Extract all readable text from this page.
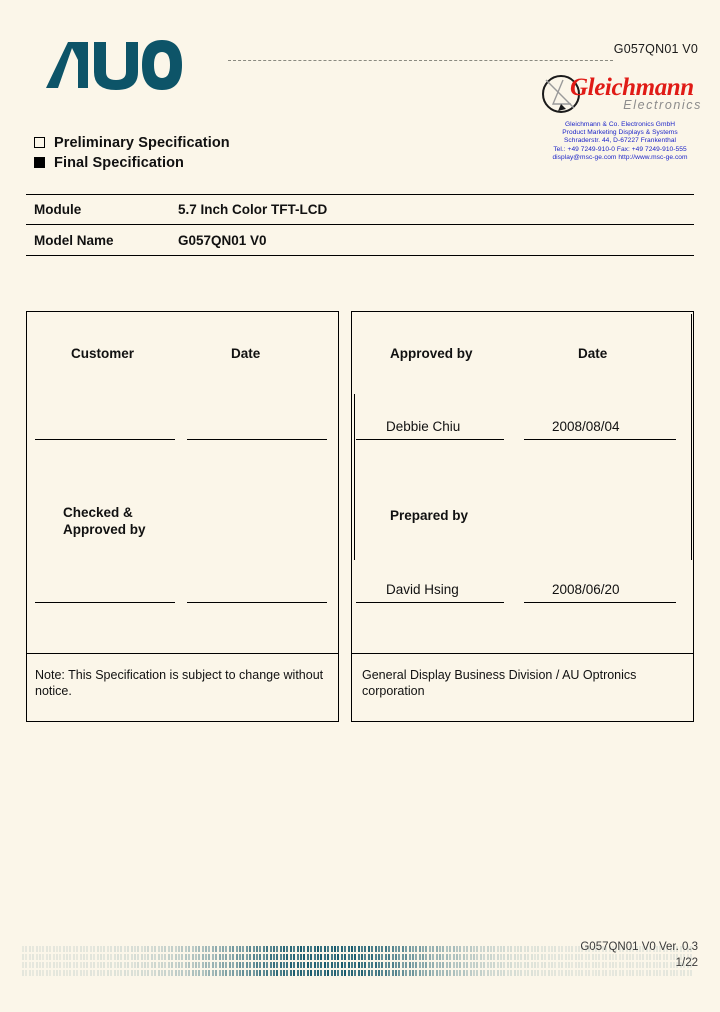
G057QN01 V0
Gleichmann
Electronics
Gleichmann & Co. Electronics GmbH
Product Marketing Displays & Systems
Schraderstr. 44, D-67227 Frankenthal
Tel.: +49 7249-910-0 Fax: +49 7249-910-555
display@msc-ge.com http://www.msc-ge.com
Preliminary Specification
Final Specification
Module	5.7 Inch Color TFT-LCD
Model Name	G057QN01 V0
Customer	Date
Checked &
Approved by
Note: This Specification is subject to change without notice.
Approved by	Date
Debbie Chiu	2008/08/04
Prepared by
David Hsing	2008/06/20
General Display Business Division / AU Optronics corporation
G057QN01 V0 Ver. 0.3
1/22
